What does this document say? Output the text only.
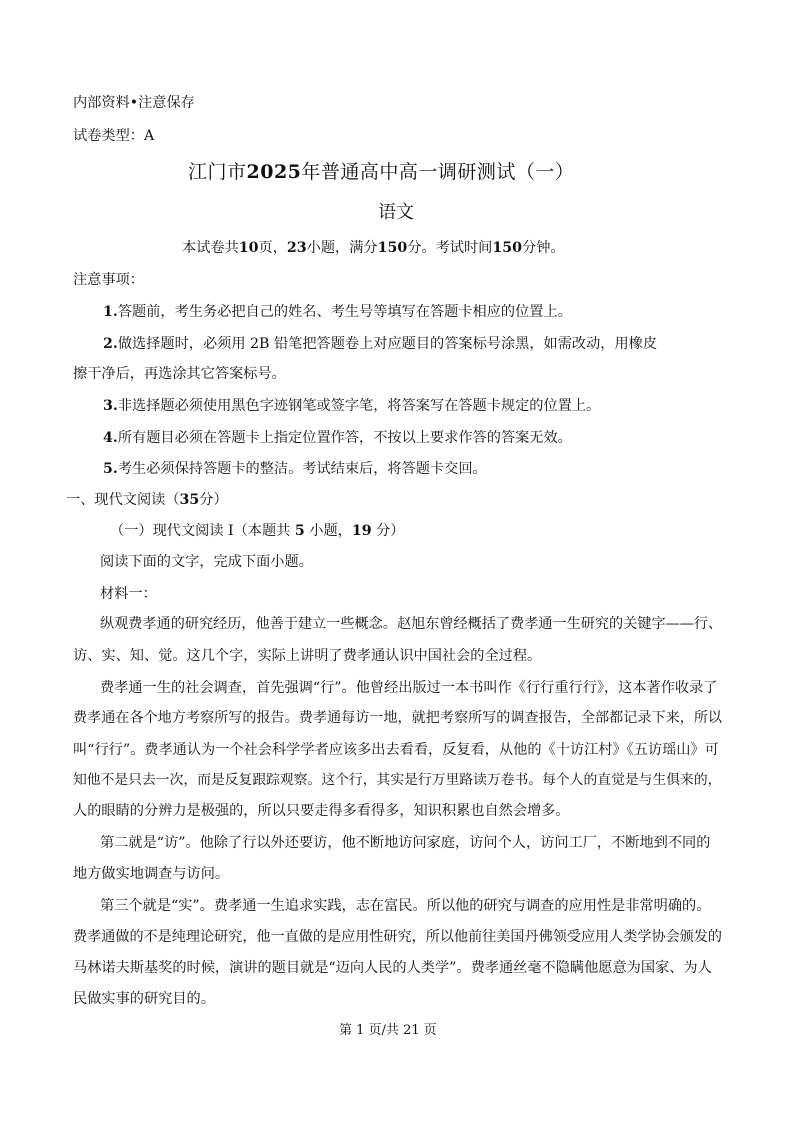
内部资料•注意保存

试卷类型：A

江门市2025年普通高中高一调研测试（一）

语文

本试卷共10页，23小题，满分150分。考试时间150分钟。

注意事项：

1.答题前，考生务必把自己的姓名、考生号等填写在答题卡相应的位置上。

2.做选择题时，必须用 2B 铅笔把答题卷上对应题目的答案标号涂黑，如需改动，用橡皮

擦干净后，再选涂其它答案标号。

3.非选择题必须使用黑色字迹钢笔或签字笔，将答案写在答题卡规定的位置上。

4.所有题目必须在答题卡上指定位置作答，不按以上要求作答的答案无效。

5.考生必须保持答题卡的整洁。考试结束后，将答题卡交回。

一、现代文阅读（35分）

（一）现代文阅读 I（本题共 5 小题，19 分）

阅读下面的文字，完成下面小题。

材料一：

纵观费孝通的研究经历，他善于建立一些概念。赵旭东曾经概括了费孝通一生研究的关键字——行、

访、实、知、觉。这几个字，实际上讲明了费孝通认识中国社会的全过程。

费孝通一生的社会调查，首先强调“行”。他曾经出版过一本书叫作《行行重行行》，这本著作收录了

费孝通在各个地方考察所写的报告。费孝通每访一地，就把考察所写的调查报告，全部都记录下来，所以

叫“行行”。费孝通认为一个社会科学学者应该多出去看看，反复看，从他的《十访江村》《五访瑶山》可

知他不是只去一次，而是反复跟踪观察。这个行，其实是行万里路读万卷书。每个人的直觉是与生俱来的，

人的眼睛的分辨力是极强的，所以只要走得多看得多，知识积累也自然会增多。

第二就是“访”。他除了行以外还要访，他不断地访问家庭，访问个人，访问工厂，不断地到不同的

地方做实地调查与访问。

第三个就是“实”。费孝通一生追求实践，志在富民。所以他的研究与调查的应用性是非常明确的。

费孝通做的不是纯理论研究，他一直做的是应用性研究，所以他前往美国丹佛领受应用人类学协会颁发的

马林诺夫斯基奖的时候，演讲的题目就是“迈向人民的人类学”。费孝通丝毫不隐瞒他愿意为国家、为人

民做实事的研究目的。

第 1 页/共 21 页
